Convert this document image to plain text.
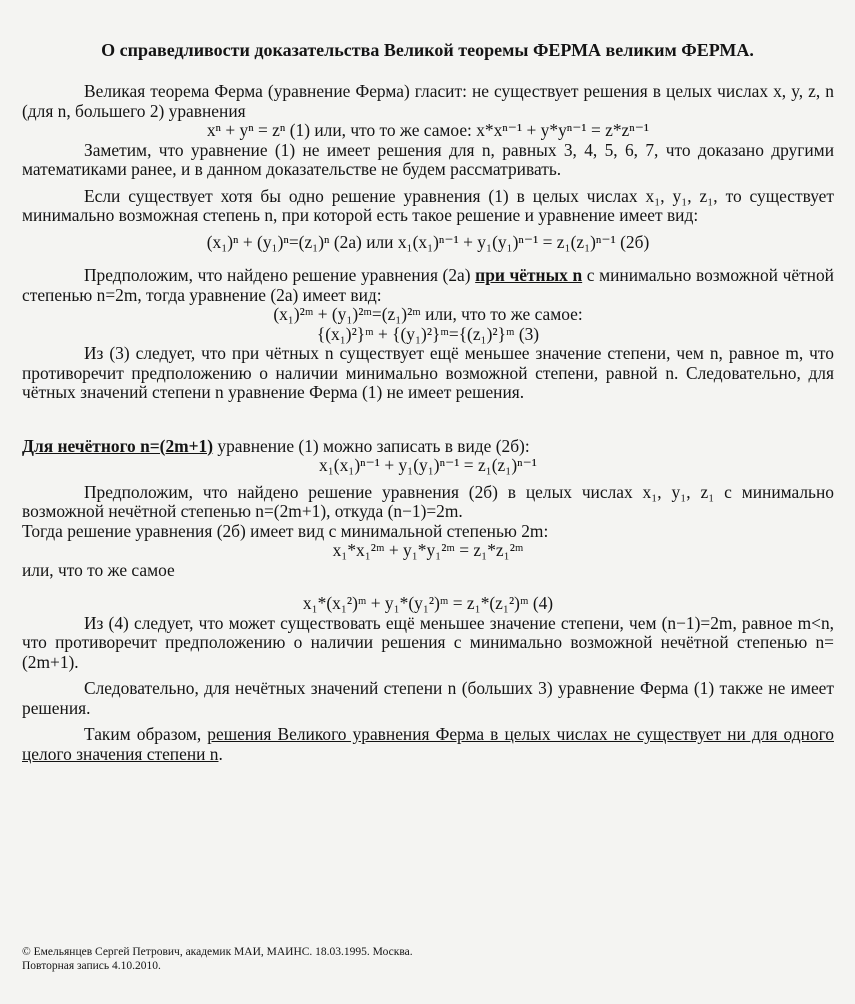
О справедливости доказательства Великой теоремы ФЕРМА великим ФЕРМА.

Великая теорема Ферма (уравнение Ферма) гласит: не существует решения в целых числах x, y, z, n (для n, большего 2) уравнения

xⁿ + yⁿ = zⁿ (1) или, что то же самое: x*xⁿ⁻¹ + y*yⁿ⁻¹ = z*zⁿ⁻¹

Заметим, что уравнение (1) не имеет решения для n, равных 3, 4, 5, 6, 7, что доказано другими математиками ранее, и в данном доказательстве не будем рассматривать.

Если существует хотя бы одно решение уравнения (1) в целых числах x₁, y₁, z₁, то существует минимально возможная степень n, при которой есть такое решение и уравнение имеет вид:

(x₁)ⁿ + (y₁)ⁿ=(z₁)ⁿ (2а) или x₁(x₁)ⁿ⁻¹ + y₁(y₁)ⁿ⁻¹ = z₁(z₁)ⁿ⁻¹ (2б)

Предположим, что найдено решение уравнения (2а) при чётных n с минимально возможной чётной степенью n=2m, тогда уравнение (2а) имеет вид:

(x₁)²ᵐ + (y₁)²ᵐ=(z₁)²ᵐ или, что то же самое:

{(x₁)²}ᵐ + {(y₁)²}ᵐ={(z₁)²}ᵐ (3)

Из (3) следует, что при чётных n существует ещё меньшее значение степени, чем n, равное m, что противоречит предположению о наличии минимально возможной степени, равной n. Следовательно, для чётных значений степени n уравнение Ферма (1) не имеет решения.

Для нечётного n=(2m+1) уравнение (1) можно записать в виде (2б):

x₁(x₁)ⁿ⁻¹ + y₁(y₁)ⁿ⁻¹ = z₁(z₁)ⁿ⁻¹

Предположим, что найдено решение уравнения (2б) в целых числах x₁, y₁, z₁ с минимально возможной нечётной степенью n=(2m+1), откуда (n−1)=2m.

Тогда решение уравнения (2б) имеет вид с минимальной степенью 2m:

x₁*x₁²ᵐ + y₁*y₁²ᵐ = z₁*z₁²ᵐ

или, что то же самое

x₁*(x₁²)ᵐ + y₁*(y₁²)ᵐ = z₁*(z₁²)ᵐ (4)

Из (4) следует, что может существовать ещё меньшее значение степени, чем (n−1)=2m, равное m<n, что противоречит предположению о наличии решения с минимально возможной нечётной степенью n=(2m+1).

Следовательно, для нечётных значений степени n (больших 3) уравнение Ферма (1) также не имеет решения.

Таким образом, решения Великого уравнения Ферма в целых числах не существует ни для одного целого значения степени n.

© Емельянцев Сергей Петрович, академик МАИ, МАИНС. 18.03.1995. Москва.

Повторная запись 4.10.2010.
